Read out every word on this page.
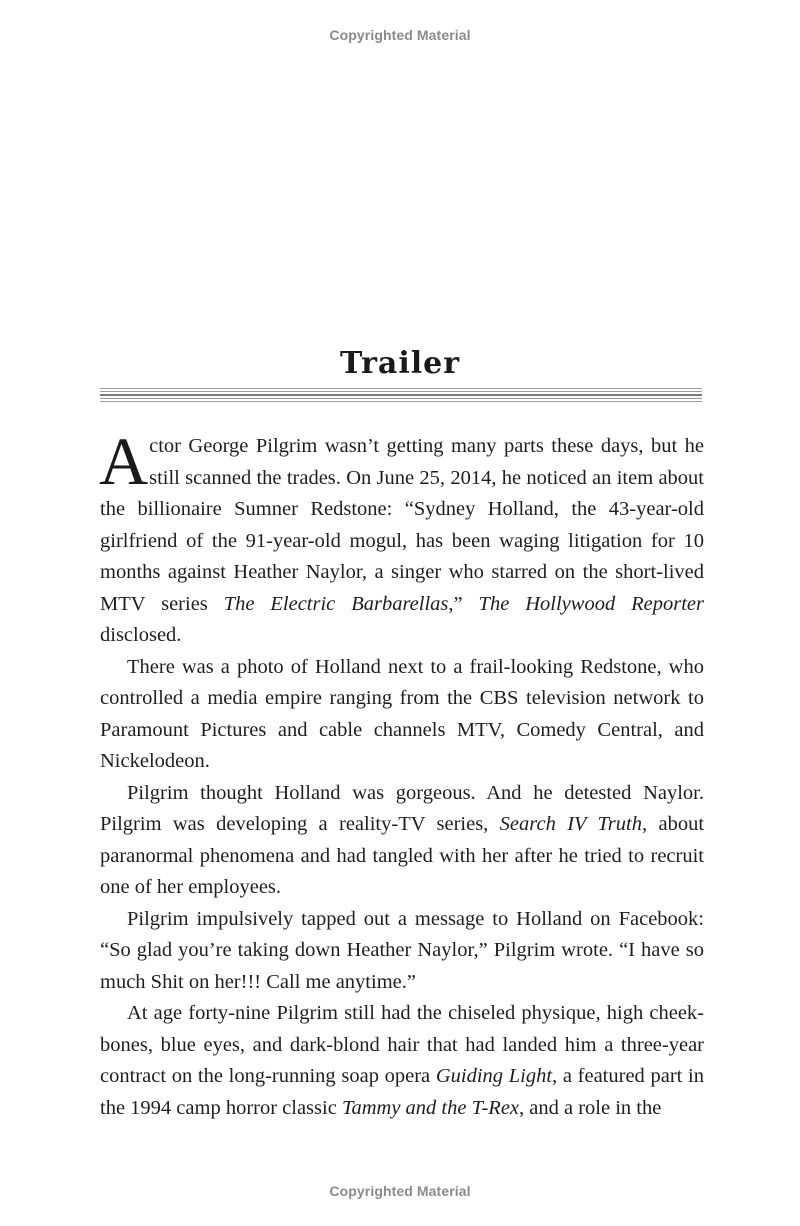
Copyrighted Material
Trailer

Actor George Pilgrim wasn’t getting many parts these days, but he still scanned the trades. On June 25, 2014, he noticed an item about the billionaire Sumner Redstone: “Sydney Holland, the 43-year-old girlfriend of the 91-year-old mogul, has been waging litigation for 10 months against Heather Naylor, a singer who starred on the short-lived MTV series The Electric Barbarellas,” The Hollywood Reporter disclosed.

There was a photo of Holland next to a frail-looking Redstone, who controlled a media empire ranging from the CBS television network to Paramount Pictures and cable channels MTV, Comedy Central, and Nickelodeon.

Pilgrim thought Holland was gorgeous. And he detested Naylor. Pilgrim was developing a reality-TV series, Search IV Truth, about paranormal phenomena and had tangled with her after he tried to recruit one of her employees.

Pilgrim impulsively tapped out a message to Holland on Facebook: “So glad you’re taking down Heather Naylor,” Pilgrim wrote. “I have so much Shit on her!!! Call me anytime.”

At age forty-nine Pilgrim still had the chiseled physique, high cheekbones, blue eyes, and dark-blond hair that had landed him a three-year contract on the long-running soap opera Guiding Light, a featured part in the 1994 camp horror classic Tammy and the T-Rex, and a role in the

Copyrighted Material
